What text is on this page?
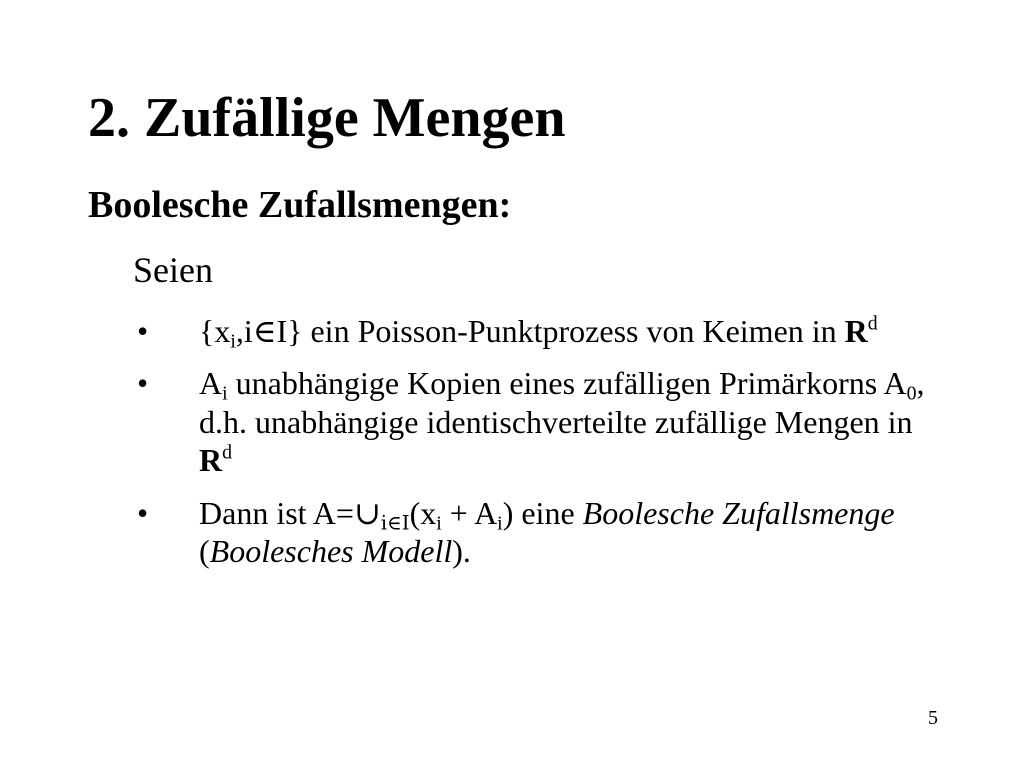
2. Zufällige Mengen
Boolesche Zufallsmengen:

Seien

• $\{x_i,i\in I\}$ ein Poisson-Punktprozess von Keimen in $R^d$
• $A_i$ unabhängige Kopien eines zufälligen Primärkorns $A_0$, d.h. unabhängige identischverteilte zufällige Mengen in $R^d$
• Dann ist $A=\cup_{i\in I}(x_i + A_i)$ eine Boolesche Zufallsmenge (Boolesches Modell).
5
